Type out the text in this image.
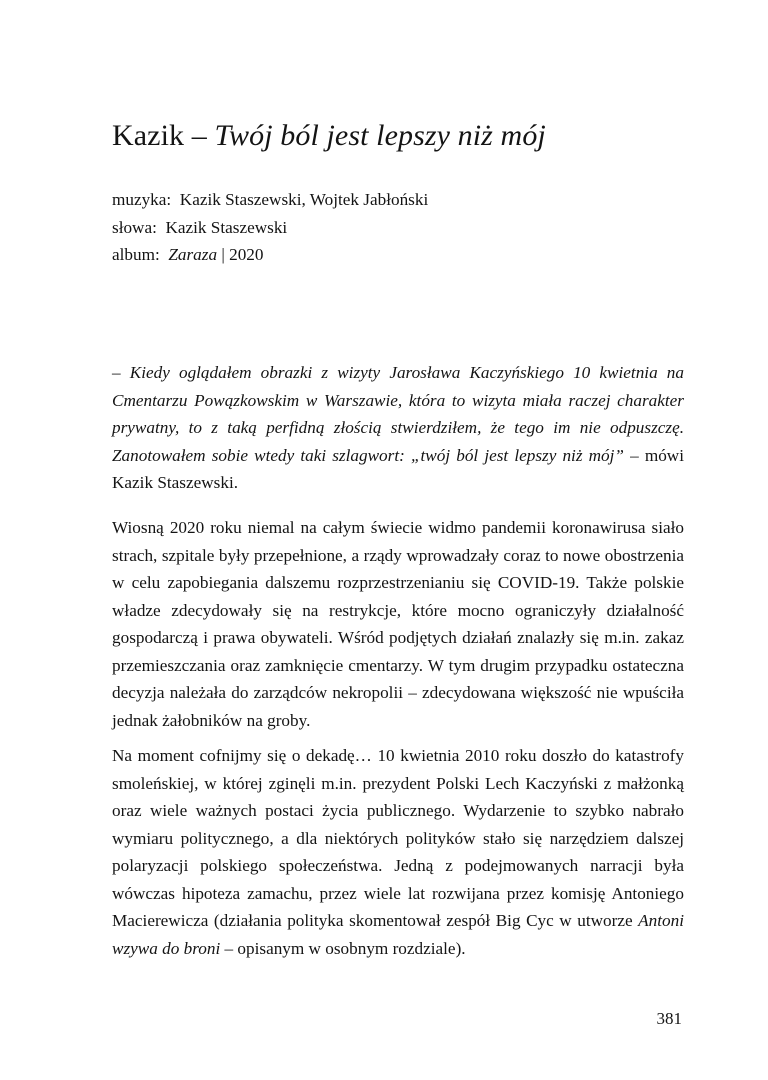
Kazik – Twój ból jest lepszy niż mój
muzyka: Kazik Staszewski, Wojtek Jabłoński
słowa: Kazik Staszewski
album: Zaraza | 2020

– Kiedy oglądałem obrazki z wizyty Jarosława Kaczyńskiego 10 kwietnia na Cmentarzu Powązkowskim w Warszawie, która to wizyta miała raczej charakter prywatny, to z taką perfidną złością stwierdziłem, że tego im nie odpuszczę. Zanotowałem sobie wtedy taki szlagwort: „twój ból jest lepszy niż mój” – mówi Kazik Staszewski.

Wiosną 2020 roku niemal na całym świecie widmo pandemii koronawirusa siało strach, szpitale były przepełnione, a rządy wprowadzały coraz to nowe obostrzenia w celu zapobiegania dalszemu rozprzestrzenianiu się COVID-19. Także polskie władze zdecydowały się na restrykcje, które mocno ograniczyły działalność gospodarczą i prawa obywateli. Wśród podjętych działań znalazły się m.in. zakaz przemieszczania oraz zamknięcie cmentarzy. W tym drugim przypadku ostateczna decyzja należała do zarządców nekropolii – zdecydowana większość nie wpuściła jednak żałobników na groby.

Na moment cofnijmy się o dekadę… 10 kwietnia 2010 roku doszło do katastrofy smoleńskiej, w której zginęli m.in. prezydent Polski Lech Kaczyński z małżonką oraz wiele ważnych postaci życia publicznego. Wydarzenie to szybko nabrało wymiaru politycznego, a dla niektórych polityków stało się narzędziem dalszej polaryzacji polskiego społeczeństwa. Jedną z podejmowanych narracji była wówczas hipoteza zamachu, przez wiele lat rozwijana przez komisję Antoniego Macierewicza (działania polityka skomentował zespół Big Cyc w utworze Antoni wzywa do broni – opisanym w osobnym rozdziale).

381
